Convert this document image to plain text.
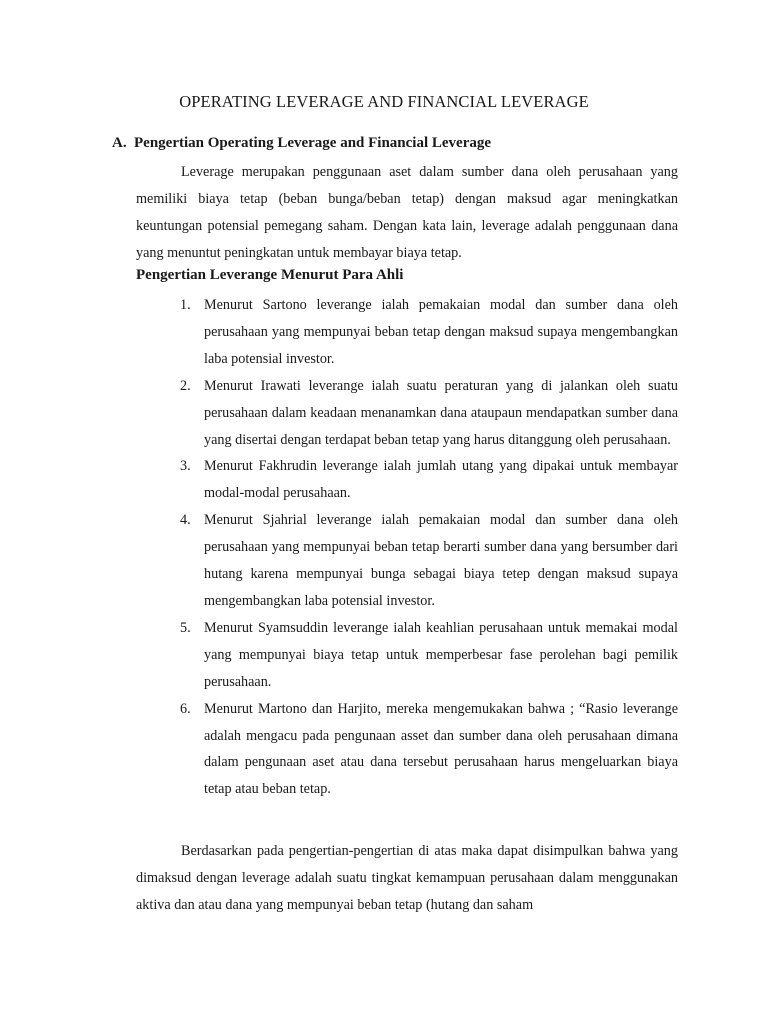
OPERATING LEVERAGE AND FINANCIAL LEVERAGE
A. Pengertian Operating Leverage and Financial Leverage

Leverage merupakan penggunaan aset dalam sumber dana oleh perusahaan yang memiliki biaya tetap (beban bunga/beban tetap) dengan maksud agar meningkatkan keuntungan potensial pemegang saham. Dengan kata lain, leverage adalah penggunaan dana yang menuntut peningkatan untuk membayar biaya tetap.

Pengertian Leverange Menurut Para Ahli
1. Menurut Sartono leverange ialah pemakaian modal dan sumber dana oleh perusahaan yang mempunyai beban tetap dengan maksud supaya mengembangkan laba potensial investor.
2. Menurut Irawati leverange ialah suatu peraturan yang di jalankan oleh suatu perusahaan dalam keadaan menanamkan dana ataupaun mendapatkan sumber dana yang disertai dengan terdapat beban tetap yang harus ditanggung oleh perusahaan.
3. Menurut Fakhrudin leverange ialah jumlah utang yang dipakai untuk membayar modal-modal perusahaan.
4. Menurut Sjahrial leverange ialah pemakaian modal dan sumber dana oleh perusahaan yang mempunyai beban tetap berarti sumber dana yang bersumber dari hutang karena mempunyai bunga sebagai biaya tetep dengan maksud supaya mengembangkan laba potensial investor.
5. Menurut Syamsuddin leverange ialah keahlian perusahaan untuk memakai modal yang mempunyai biaya tetap untuk memperbesar fase perolehan bagi pemilik perusahaan.
6. Menurut Martono dan Harjito, mereka mengemukakan bahwa ; “Rasio leverange adalah mengacu pada pengunaan asset dan sumber dana oleh perusahaan dimana dalam pengunaan aset atau dana tersebut perusahaan harus mengeluarkan biaya tetap atau beban tetap.

Berdasarkan pada pengertian-pengertian di atas maka dapat disimpulkan bahwa yang dimaksud dengan leverage adalah suatu tingkat kemampuan perusahaan dalam menggunakan aktiva dan atau dana yang mempunyai beban tetap (hutang dan saham
